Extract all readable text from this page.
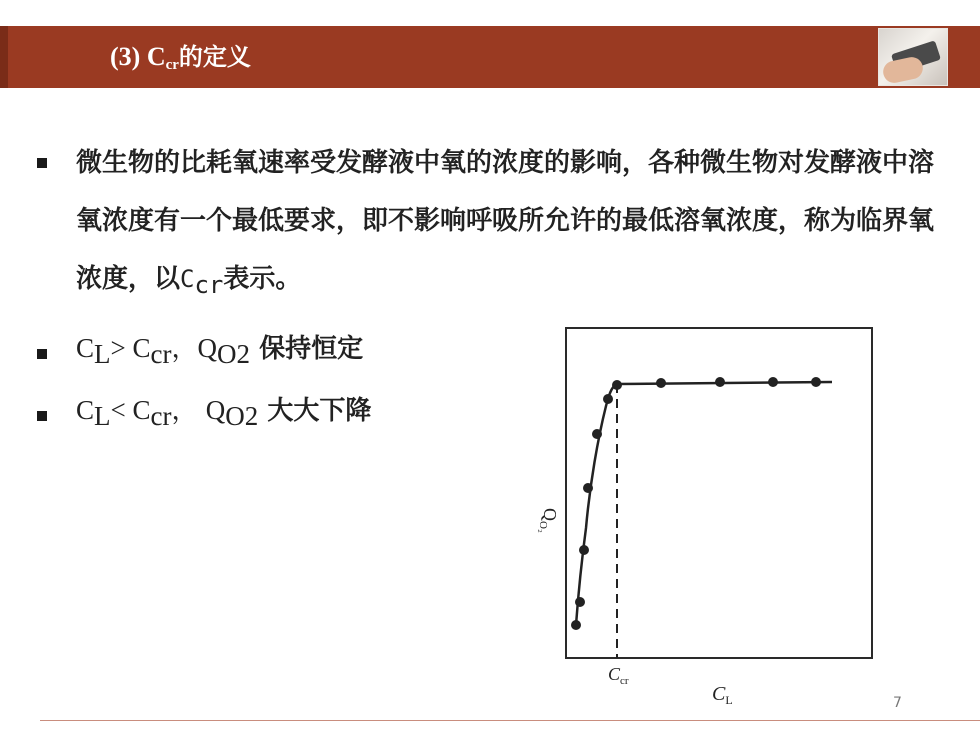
(3) $C_{cr}$的定义

微生物的比耗氧速率受发酵液中氧的浓度的影响，各种微生物对发酵液中溶氧浓度有一个最低要求，即不影响呼吸所允许的最低溶氧浓度，称为临界氧浓度，以$C_{cr}$表示。

$C_L> C_{cr}$，$Q_{O2}$ 保持恒定
$C_L< C_{cr}$， $Q_{O2}$ 大大下降
$Q_{O_2}$
$C_{cr}$
$C_L$	7
